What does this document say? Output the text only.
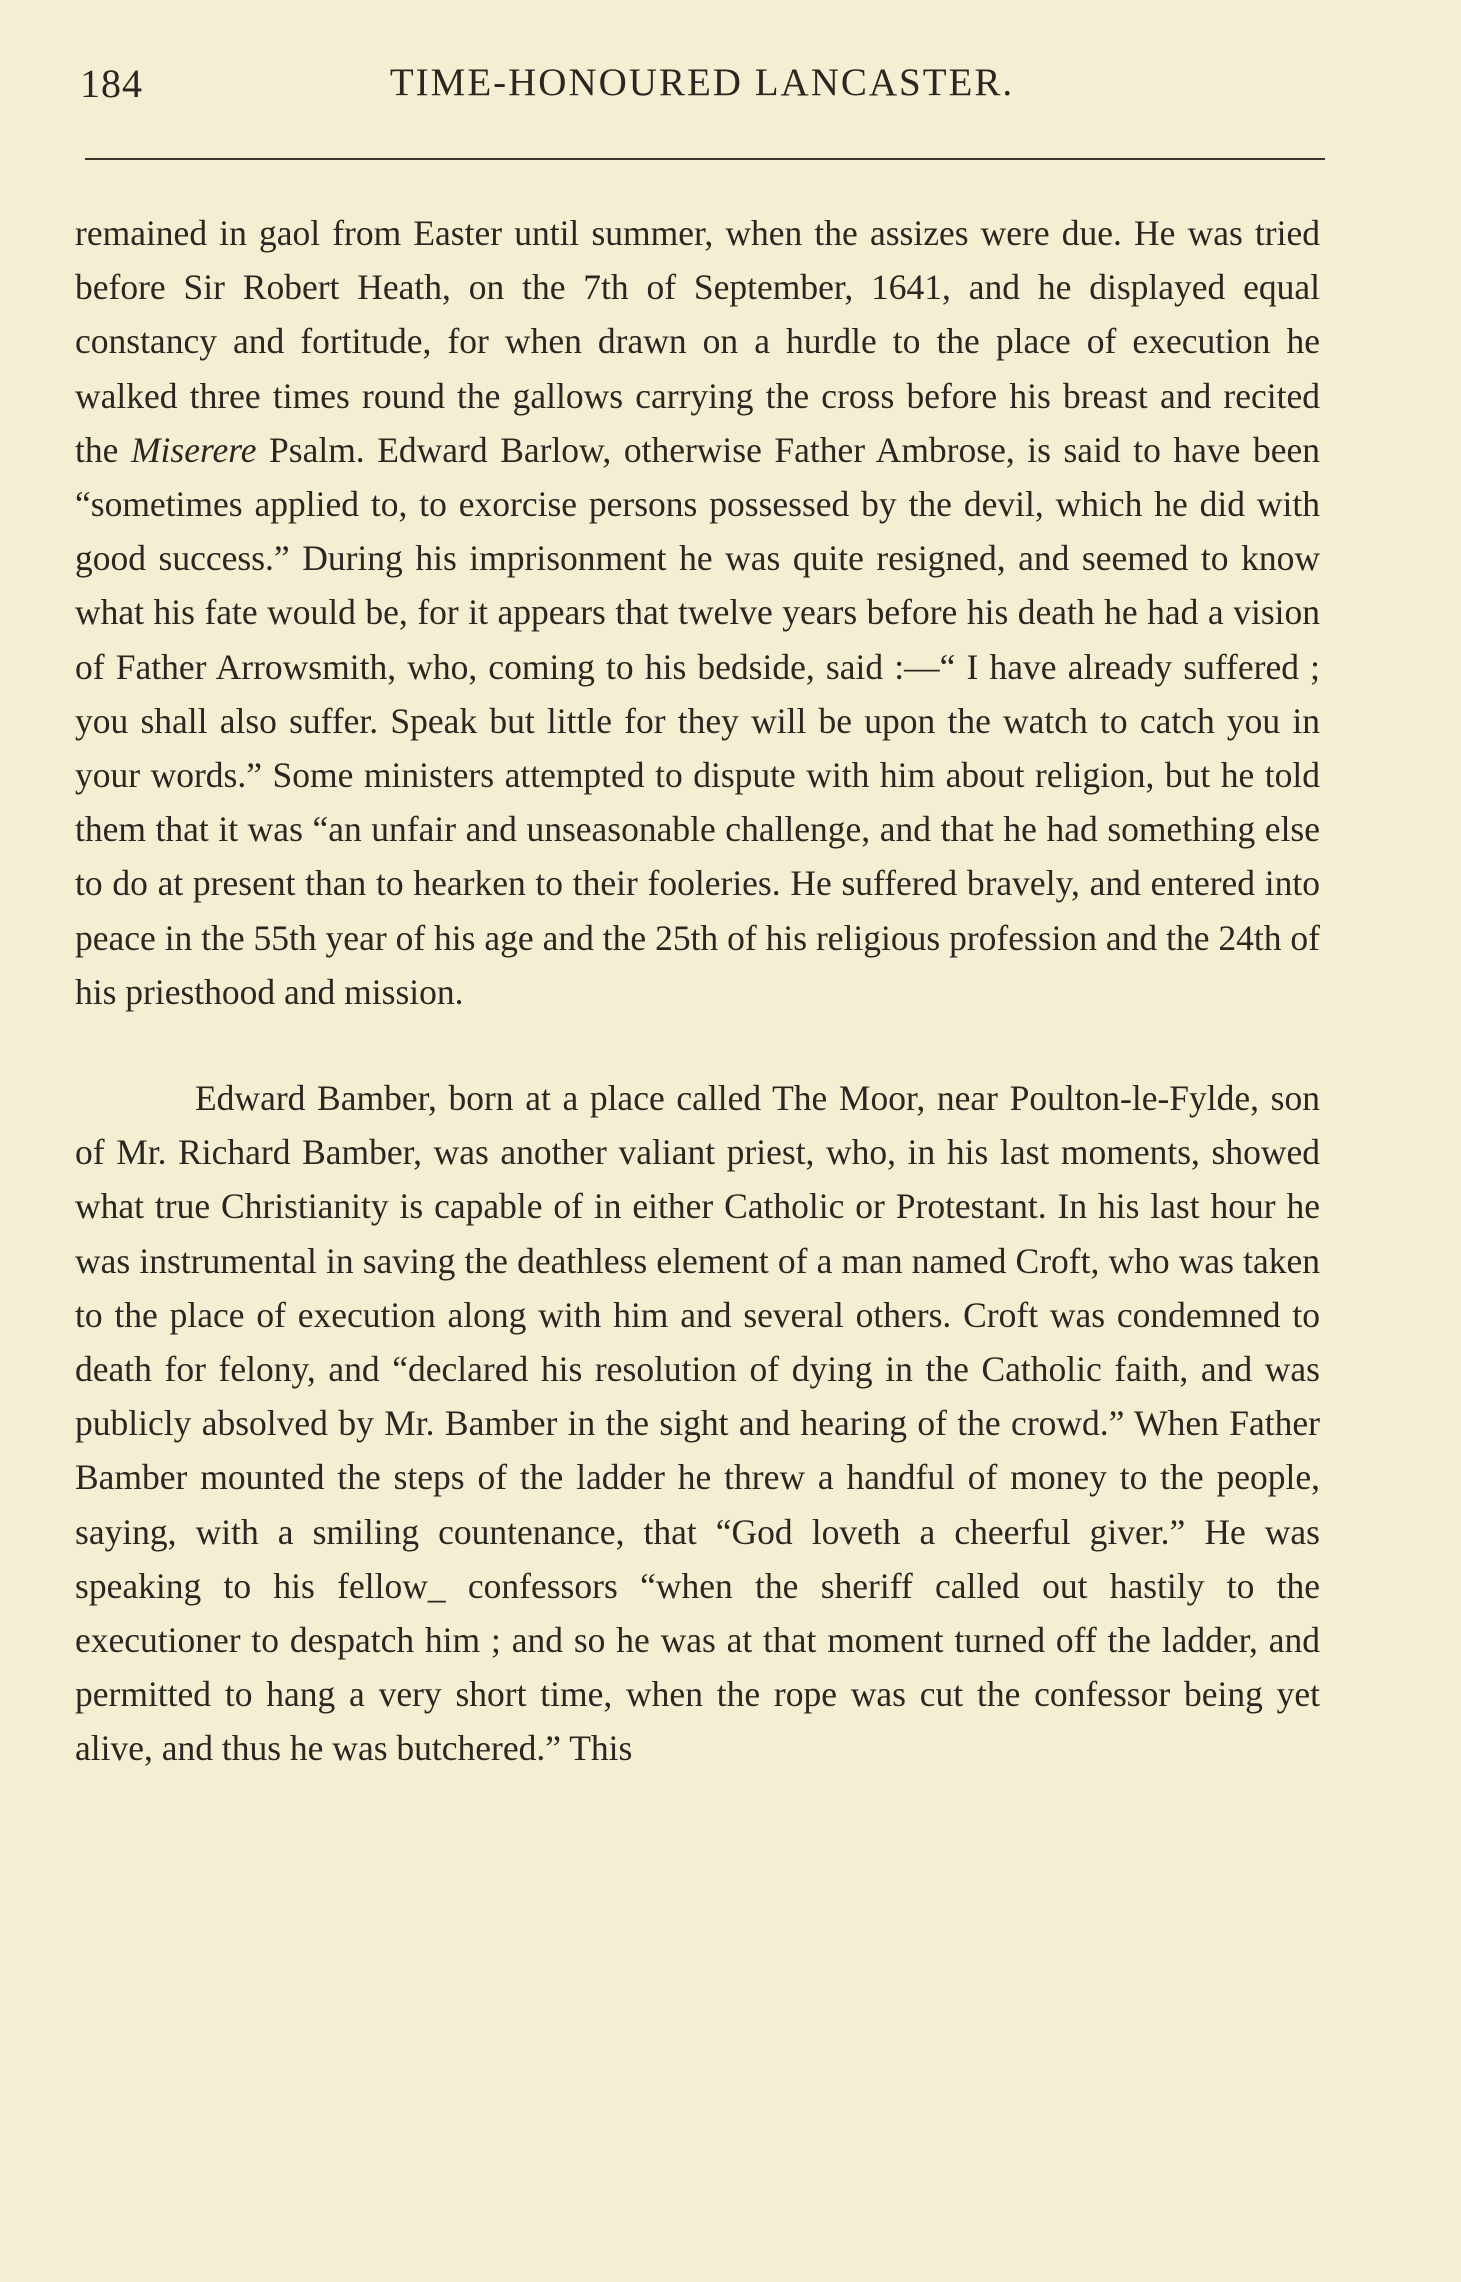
184	TIME-HONOURED LANCASTER.

remained in gaol from Easter until summer, when the assizes were due. He was tried before Sir Robert Heath, on the 7th of September, 1641, and he displayed equal constancy and fortitude, for when drawn on a hurdle to the place of execution he walked three times round the gallows carrying the cross before his breast and recited the Miserere Psalm. Edward Barlow, otherwise Father Ambrose, is said to have been “sometimes applied to, to exorcise persons possessed by the devil, which he did with good success.” During his imprisonment he was quite resigned, and seemed to know what his fate would be, for it appears that twelve years before his death he had a vision of Father Arrowsmith, who, coming to his bedside, said :—“ I have already suffered ; you shall also suffer. Speak but little for they will be upon the watch to catch you in your words.” Some ministers attempted to dispute with him about religion, but he told them that it was “an unfair and unseasonable challenge, and that he had something else to do at present than to hearken to their fooleries. He suffered bravely, and entered into peace in the 55th year of his age and the 25th of his religious profession and the 24th of his priesthood and mission.

Edward Bamber, born at a place called The Moor, near Poulton-le-Fylde, son of Mr. Richard Bamber, was another valiant priest, who, in his last moments, showed what true Christianity is capable of in either Catholic or Protestant. In his last hour he was instrumental in saving the deathless element of a man named Croft, who was taken to the place of execution along with him and several others. Croft was condemned to death for felony, and “declared his resolution of dying in the Catholic faith, and was publicly absolved by Mr. Bamber in the sight and hearing of the crowd.” When Father Bamber mounted the steps of the ladder he threw a handful of money to the people, saying, with a smiling countenance, that “God loveth a cheerful giver.” He was speaking to his fellow_ confessors “when the sheriff called out hastily to the executioner to despatch him ; and so he was at that moment turned off the ladder, and permitted to hang a very short time, when the rope was cut the confessor being yet alive, and thus he was butchered.” This
